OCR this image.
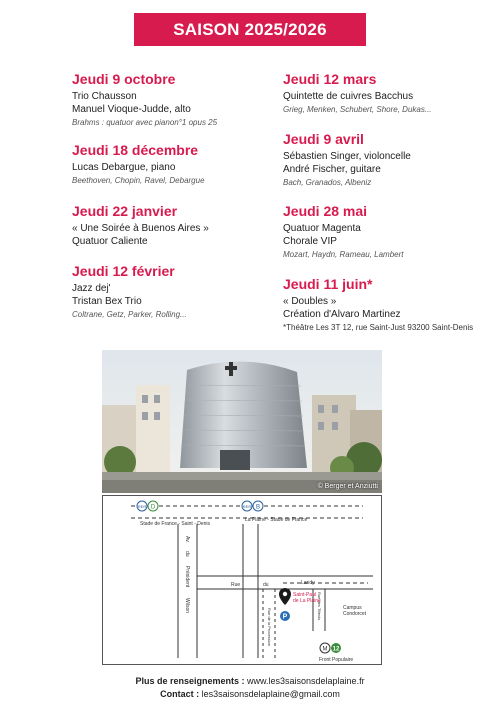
SAISON 2025/2026
Jeudi 9 octobre
Trio Chausson
Manuel Vioque-Judde, alto
Brahms : quatuor avec pianon°1 opus 25
Jeudi 18 décembre
Lucas Debargue, piano
Beethoven, Chopin, Ravel, Debargue
Jeudi 22 janvier
« Une Soirée à Buenos Aires »
Quatuor Caliente
Jeudi 12 février
Jazz dej'
Tristan Bex Trio
Coltrane, Getz, Parker, Rolling...
Jeudi 12 mars
Quintette de cuivres Bacchus
Grieg, Menken, Schubert, Shore, Dukas...
Jeudi 9 avril
Sébastien Singer, violoncelle
André Fischer, guitare
Bach, Granados, Albeniz
Jeudi 28 mai
Quatuor Magenta
Chorale VIP
Mozart, Haydn, Rameau, Lambert
Jeudi 11 juin*
« Doubles »
Création d'Alvaro Martinez
*Théâtre Les 3T 12, rue Saint-Just 93200 Saint-Denis
© Berger et Anziutti
RER D
Stade de France - Saint - Denis
RER B
La Plaine - Stade de France
Av.
du
Président
Wilson
Rue	du	Landy
Rue de la Procession
Rue des Tilleuls
Saint-Paul
de La Plaine
P
Campus
Condorcet
M 12
Front Populaire
Plus de renseignements : www.les3saisonsdelaplaine.fr
Contact : les3saisonsdelaplaine@gmail.com
